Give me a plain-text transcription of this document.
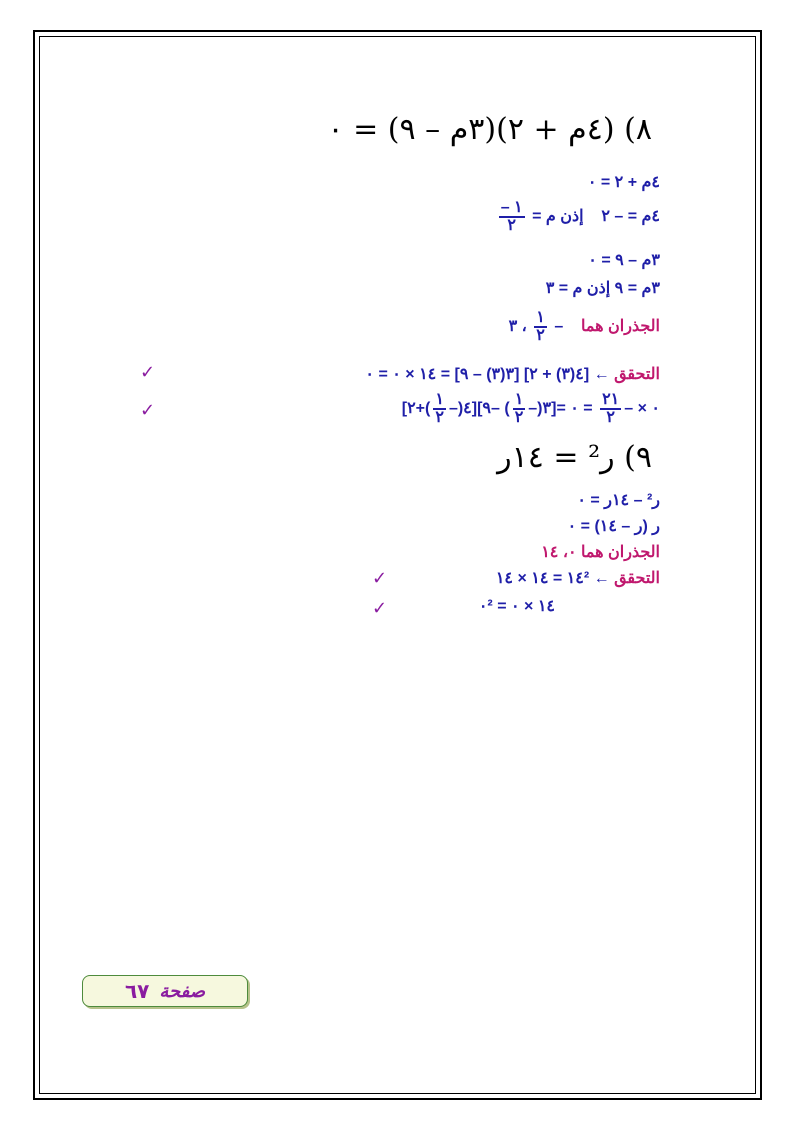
٨) (٤م + ٢)(٣م – ٩) = ٠
٤م + ٢ = ٠
٤م = – ٢    إذن م =
$\frac{١ -}{٢}$
٣م – ٩ = ٠
٣م = ٩ إذن م = ٣
الجذران هما    –
$\frac{١}{٢}$
، ٣
التحقق ← [٤(٣) + ٢] [٣(٣) – ٩] = ١٤ × ٠ = ٠
✓
[٤(–
$\frac{١}{٢}$
)+٢][٣(–
$\frac{١}{٢}$
) –٩]= ٠ × –
$\frac{٢١}{٢}$
= ٠
✓
٩) ر² = ١٤ر
ر² – ١٤ر = ٠
ر (ر – ١٤) = ٠
الجذران هما ٠، ١٤
التحقق ← ١٤² = ١٤ × ١٤
✓
٠² = ١٤ × ٠
✓
صفحة
٦٧
